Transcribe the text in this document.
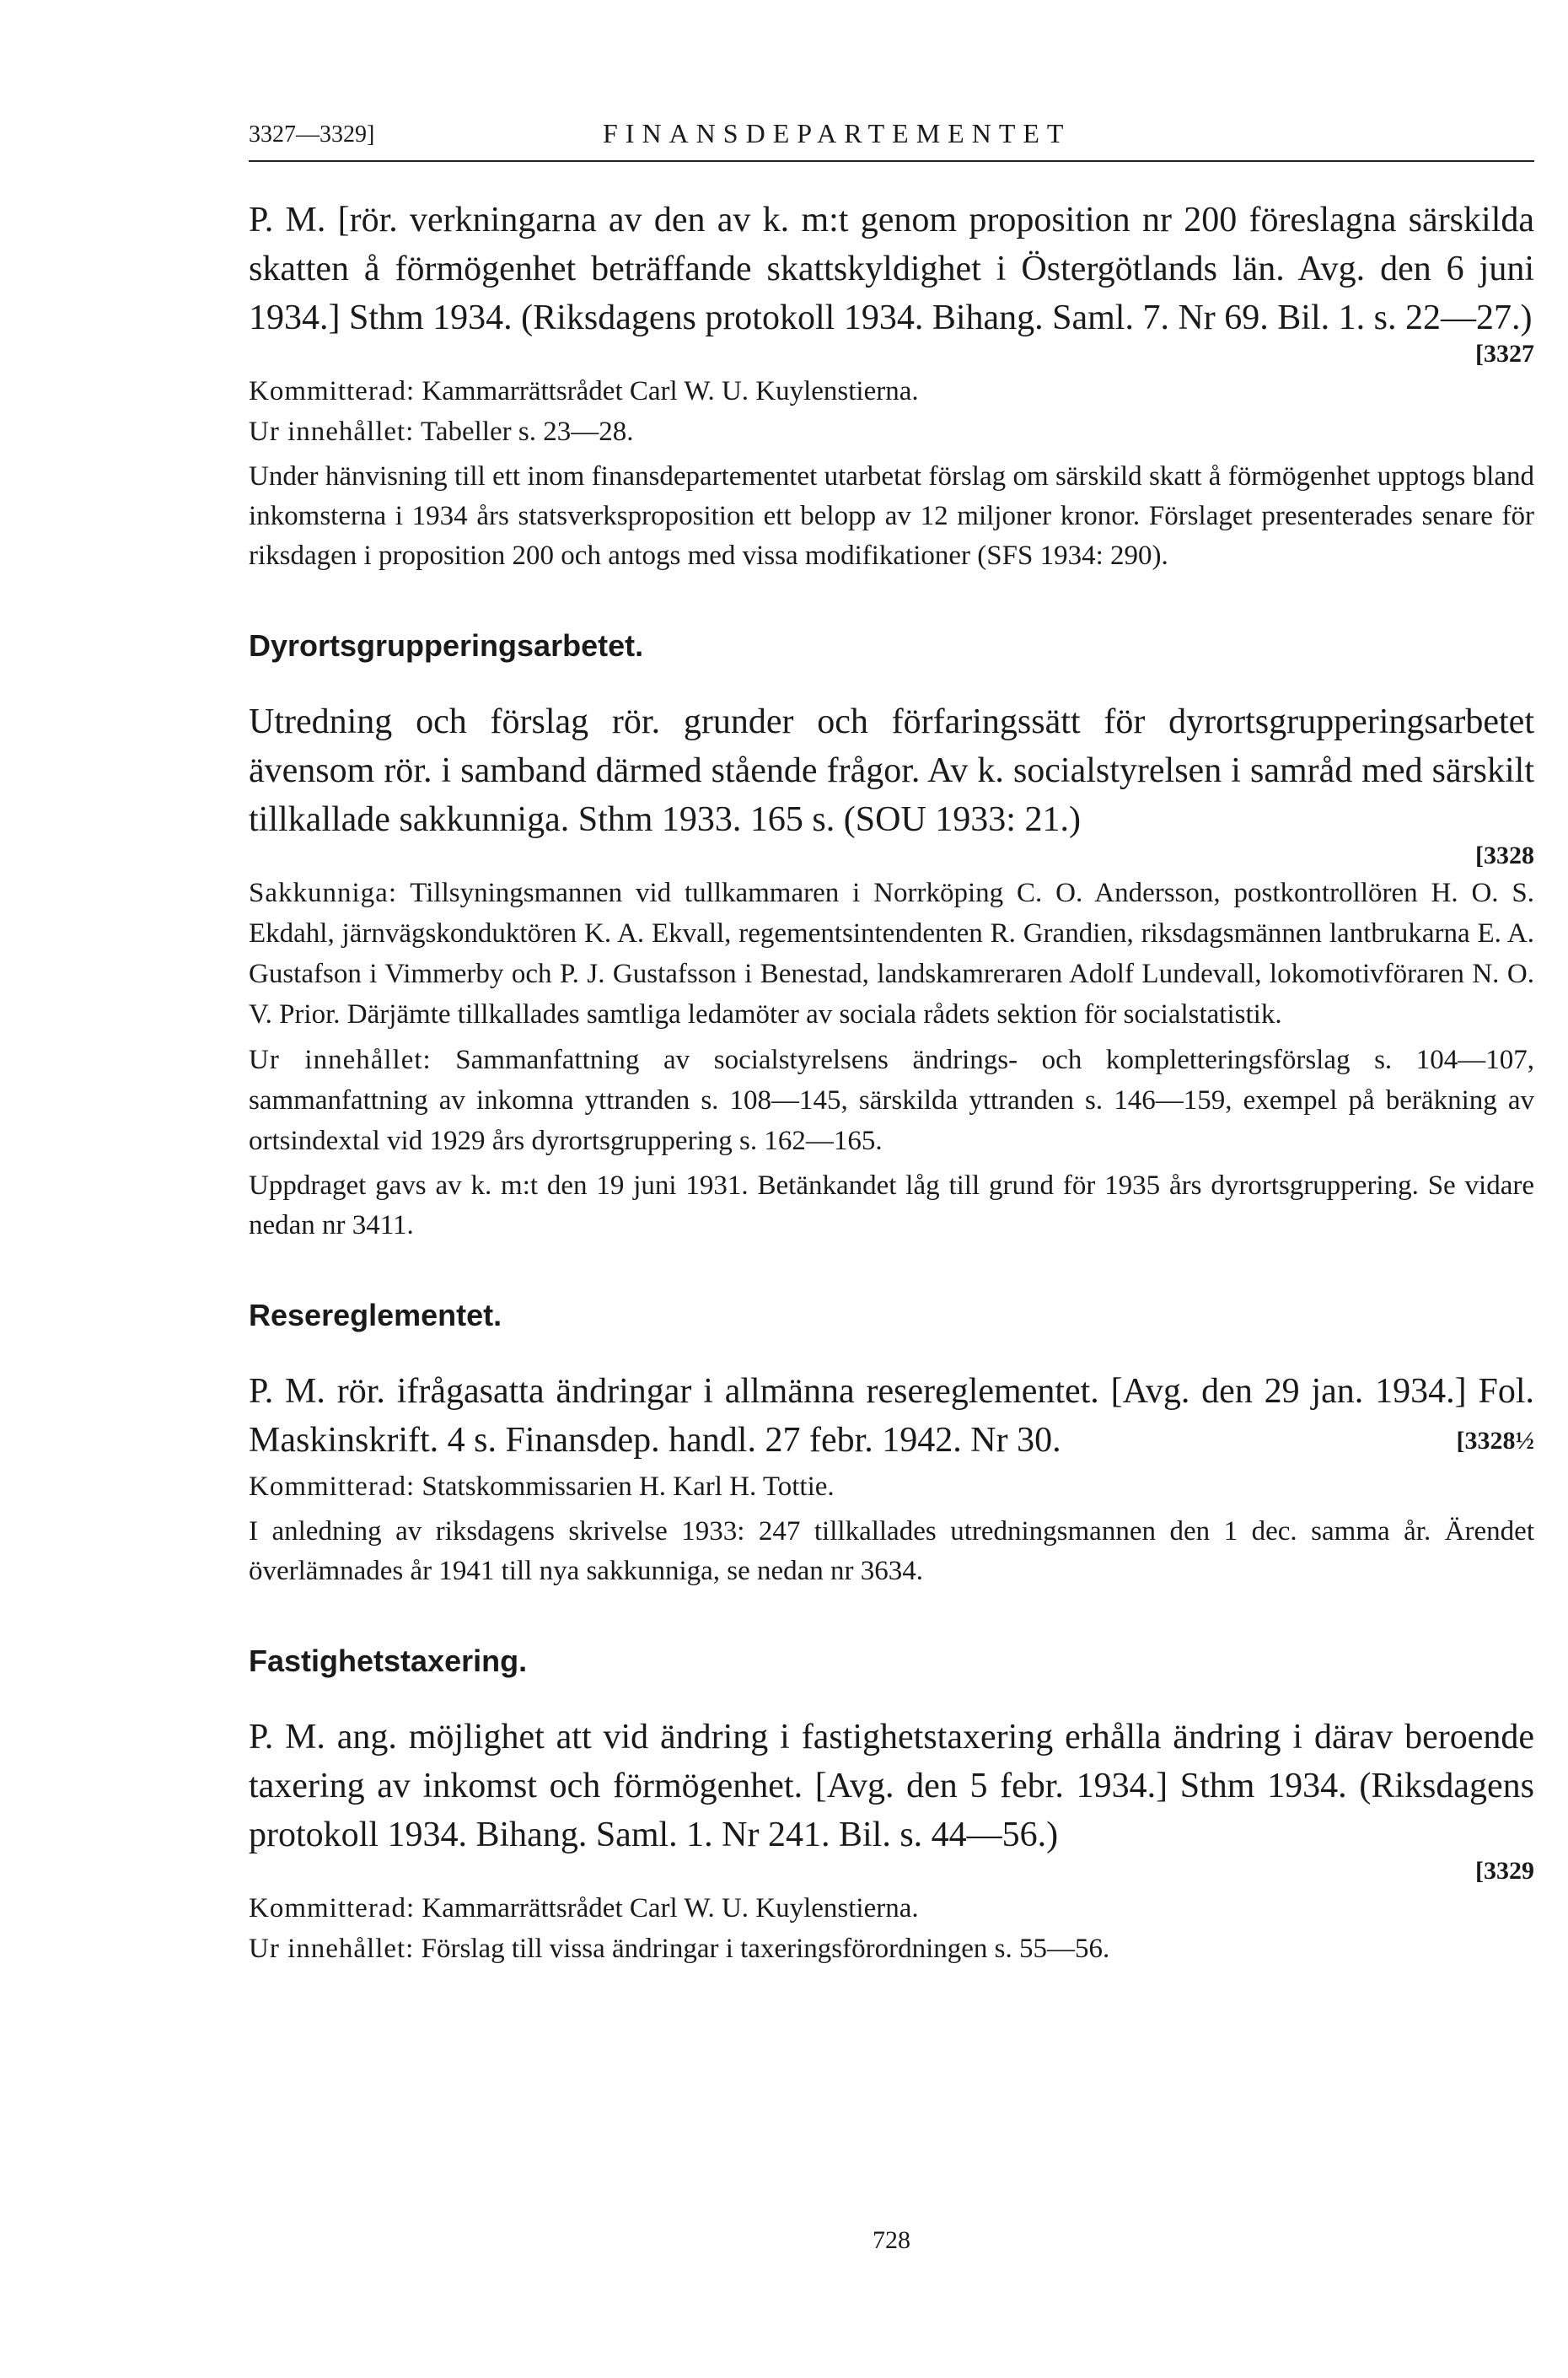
3327—3329]	FINANSDEPARTEMENTET

P. M. [rör. verkningarna av den av k. m:t genom proposition nr 200 föreslagna särskilda skatten å förmögenhet beträffande skattskyldighet i Östergötlands län. Avg. den 6 juni 1934.] Sthm 1934. (Riksdagens protokoll 1934. Bihang. Saml. 7. Nr 69. Bil. 1. s. 22—27.)

[3327

Kommitterad: Kammarrättsrådet Carl W. U. Kuylenstierna.

Ur innehållet: Tabeller s. 23—28.

Under hänvisning till ett inom finansdepartementet utarbetat förslag om särskild skatt å förmögenhet upptogs bland inkomsterna i 1934 års statsverksproposition ett belopp av 12 miljoner kronor. Förslaget presenterades senare för riksdagen i proposition 200 och antogs med vissa modifikationer (SFS 1934: 290).

Dyrortsgrupperingsarbetet.

Utredning och förslag rör. grunder och förfaringssätt för dyrortsgrupperingsarbetet ävensom rör. i samband därmed stående frågor. Av k. socialstyrelsen i samråd med särskilt tillkallade sakkunniga. Sthm 1933. 165 s. (SOU 1933: 21.)

[3328

Sakkunniga: Tillsyningsmannen vid tullkammaren i Norrköping C. O. Andersson, postkontrollören H. O. S. Ekdahl, järnvägskonduktören K. A. Ekvall, regementsintendenten R. Grandien, riksdagsmännen lantbrukarna E. A. Gustafson i Vimmerby och P. J. Gustafsson i Benestad, landskamreraren Adolf Lundevall, lokomotivföraren N. O. V. Prior. Därjämte tillkallades samtliga ledamöter av sociala rådets sektion för socialstatistik.

Ur innehållet: Sammanfattning av socialstyrelsens ändrings- och kompletteringsförslag s. 104—107, sammanfattning av inkomna yttranden s. 108—145, särskilda yttranden s. 146—159, exempel på beräkning av ortsindextal vid 1929 års dyrortsgruppering s. 162—165.

Uppdraget gavs av k. m:t den 19 juni 1931. Betänkandet låg till grund för 1935 års dyrortsgruppering. Se vidare nedan nr 3411.

Resereglementet.

P. M. rör. ifrågasatta ändringar i allmänna resereglementet. [Avg. den 29 jan. 1934.] Fol. Maskinskrift. 4 s. Finansdep. handl. 27 febr. 1942. Nr 30.	[3328½

Kommitterad: Statskommissarien H. Karl H. Tottie.

I anledning av riksdagens skrivelse 1933: 247 tillkallades utredningsmannen den 1 dec. samma år. Ärendet överlämnades år 1941 till nya sakkunniga, se nedan nr 3634.

Fastighetstaxering.

P. M. ang. möjlighet att vid ändring i fastighetstaxering erhålla ändring i därav beroende taxering av inkomst och förmögenhet. [Avg. den 5 febr. 1934.] Sthm 1934. (Riksdagens protokoll 1934. Bihang. Saml. 1. Nr 241. Bil. s. 44—56.)

[3329

Kommitterad: Kammarrättsrådet Carl W. U. Kuylenstierna.

Ur innehållet: Förslag till vissa ändringar i taxeringsförordningen s. 55—56.

728
